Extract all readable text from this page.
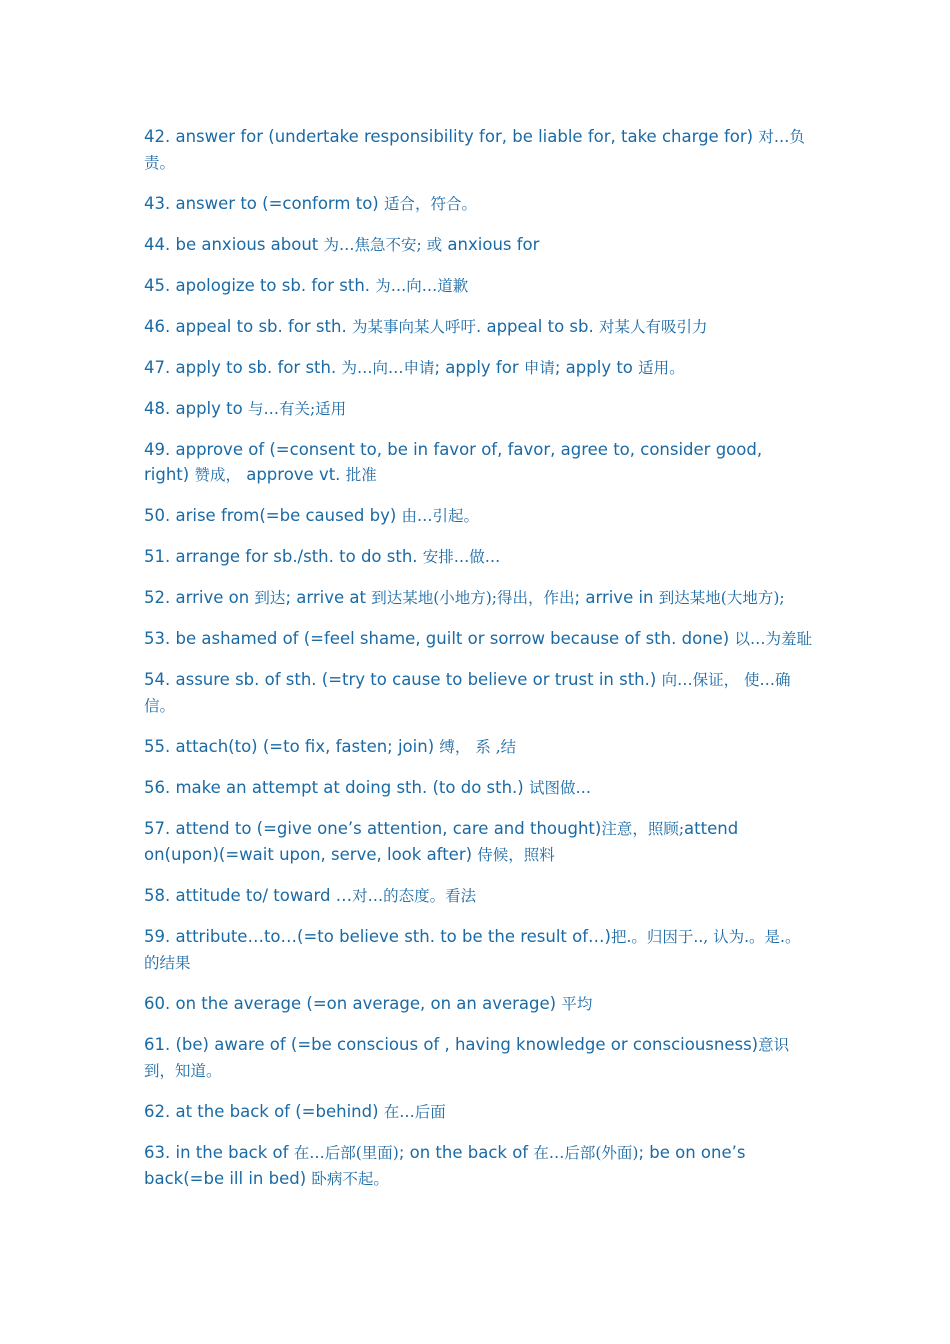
42. answer for (undertake responsibility for, be liable for, take charge for) 对…负责。
43. answer to (=conform to) 适合，符合。
44. be anxious about 为…焦急不安; 或 anxious for
45. apologize to sb. for sth. 为…向…道歉
46. appeal to sb. for sth. 为某事向某人呼吁. appeal to sb. 对某人有吸引力
47. apply to sb. for sth. 为…向…申请; apply for 申请; apply to 适用。
48. apply to 与…有关;适用
49. approve of (=consent to, be in favor of, favor, agree to, consider good, right) 赞成， approve vt. 批准
50. arise from(=be caused by) 由…引起。
51. arrange for sb./sth. to do sth. 安排…做…
52. arrive on 到达; arrive at 到达某地(小地方);得出，作出; arrive in 到达某地(大地方);
53. be ashamed of (=feel shame, guilt or sorrow because of sth. done) 以…为羞耻
54. assure sb. of sth. (=try to cause to believe or trust in sth.) 向…保证， 使…确信。
55. attach(to) (=to fix, fasten; join) 缚， 系 ,结
56. make an attempt at doing sth. (to do sth.) 试图做…
57. attend to (=give one’s attention, care and thought)注意，照顾;attend on(upon)(=wait upon, serve, look after) 侍候，照料
58. attitude to/ toward …对…的态度。看法
59. attribute…to…(=to believe sth. to be the result of…)把.。归因于.., 认为.。是.。的结果
60. on the average (=on average, on an average) 平均
61. (be) aware of (=be conscious of , having knowledge or consciousness)意识到，知道。
62. at the back of (=behind) 在…后面
63. in the back of 在…后部(里面); on the back of 在…后部(外面); be on one’s back(=be ill in bed) 卧病不起。
